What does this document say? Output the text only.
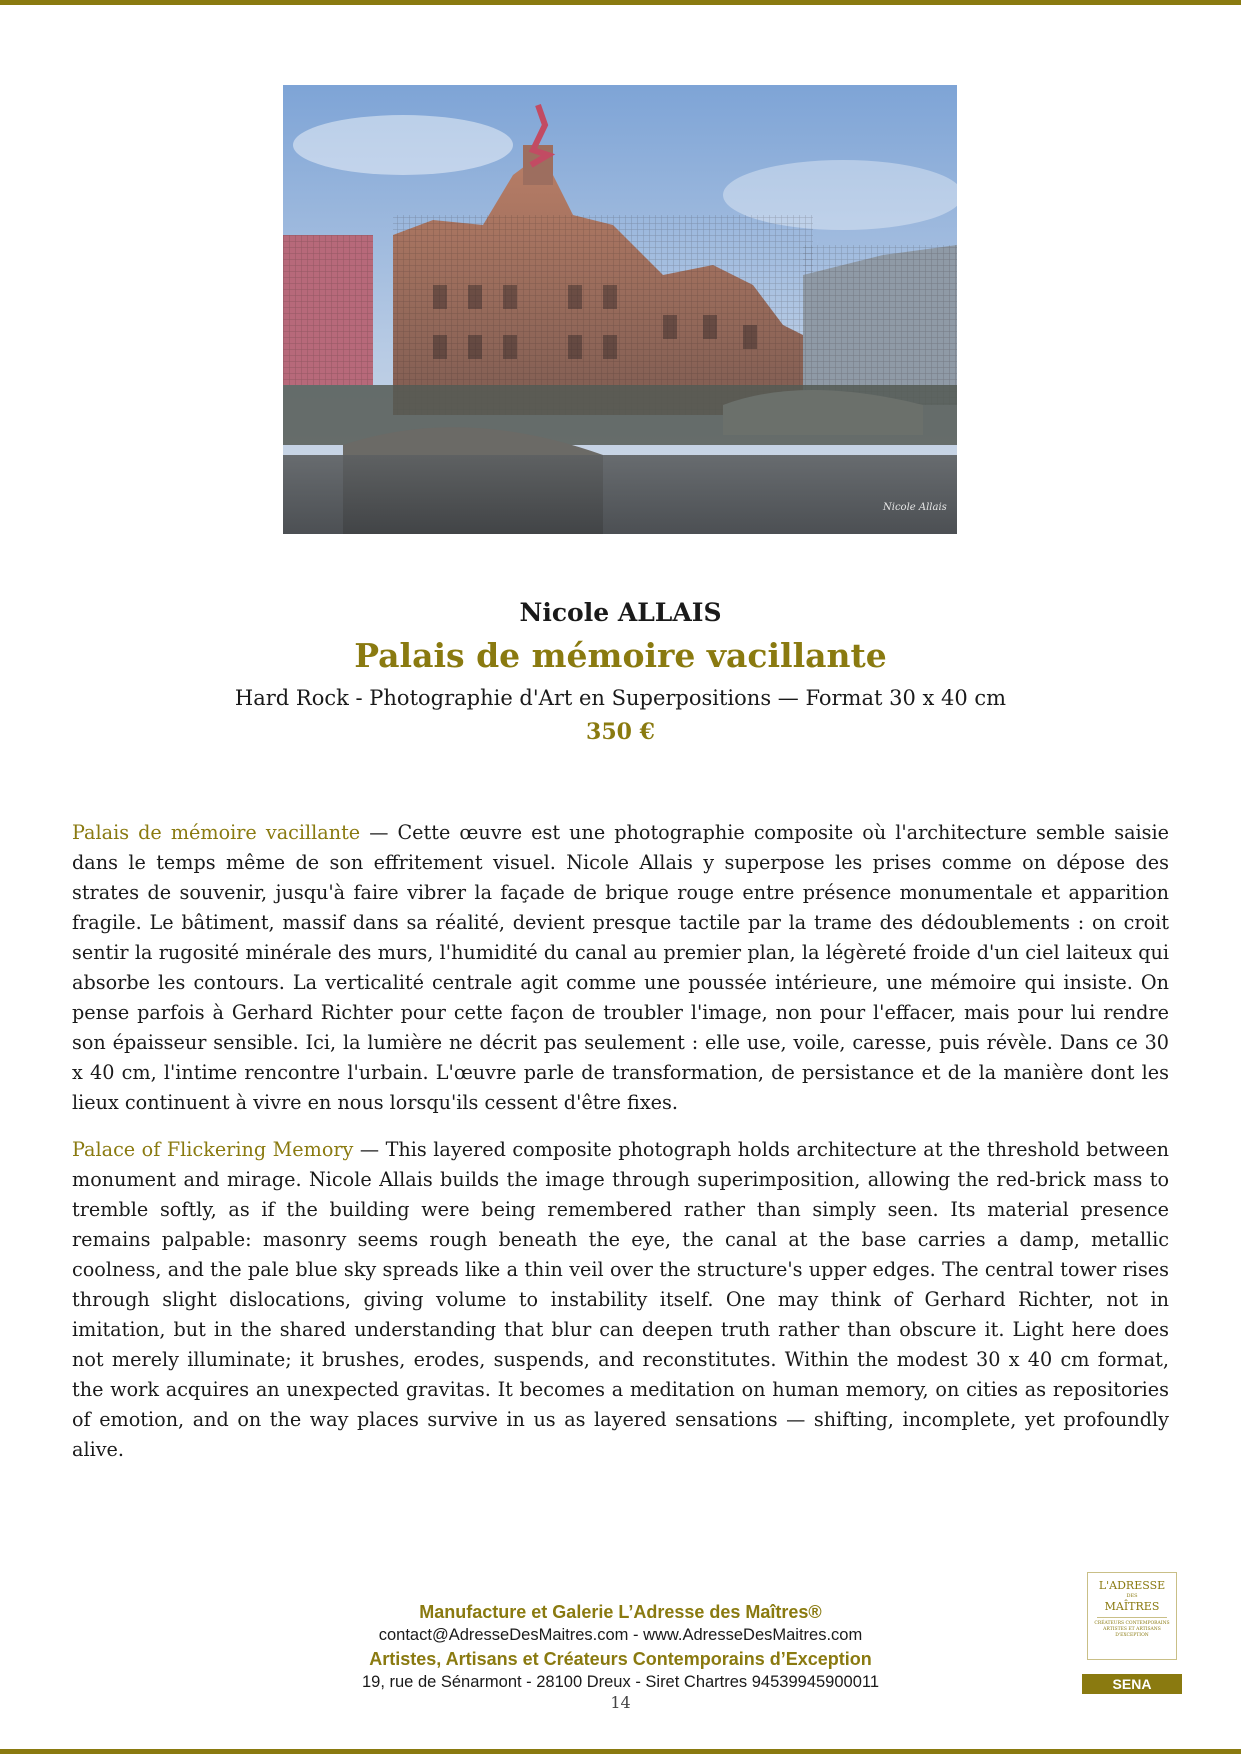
Nicole Allais
Nicole ALLAIS
Palais de mémoire vacillante
Hard Rock - Photographie d'Art en Superpositions — Format 30 x 40 cm
350 €

Palais de mémoire vacillante — Cette œuvre est une photographie composite où l'architecture semble saisie dans le temps même de son effritement visuel. Nicole Allais y superpose les prises comme on dépose des strates de souvenir, jusqu'à faire vibrer la façade de brique rouge entre présence monumentale et apparition fragile. Le bâtiment, massif dans sa réalité, devient presque tactile par la trame des dédoublements : on croit sentir la rugosité minérale des murs, l'humidité du canal au premier plan, la légèreté froide d'un ciel laiteux qui absorbe les contours. La verticalité centrale agit comme une poussée intérieure, une mémoire qui insiste. On pense parfois à Gerhard Richter pour cette façon de troubler l'image, non pour l'effacer, mais pour lui rendre son épaisseur sensible. Ici, la lumière ne décrit pas seulement : elle use, voile, caresse, puis révèle. Dans ce 30 x 40 cm, l'intime rencontre l'urbain. L'œuvre parle de transformation, de persistance et de la manière dont les lieux continuent à vivre en nous lorsqu'ils cessent d'être fixes.

Palace of Flickering Memory — This layered composite photograph holds architecture at the threshold between monument and mirage. Nicole Allais builds the image through superimposition, allowing the red-brick mass to tremble softly, as if the building were being remembered rather than simply seen. Its material presence remains palpable: masonry seems rough beneath the eye, the canal at the base carries a damp, metallic coolness, and the pale blue sky spreads like a thin veil over the structure's upper edges. The central tower rises through slight dislocations, giving volume to instability itself. One may think of Gerhard Richter, not in imitation, but in the shared understanding that blur can deepen truth rather than obscure it. Light here does not merely illuminate; it brushes, erodes, suspends, and reconstitutes. Within the modest 30 x 40 cm format, the work acquires an unexpected gravitas. It becomes a meditation on human memory, on cities as repositories of emotion, and on the way places survive in us as layered sensations — shifting, incomplete, yet profoundly alive.

Manufacture et Galerie L’Adresse des Maîtres®
contact@AdresseDesMaitres.com - www.AdresseDesMaitres.com
Artistes, Artisans et Créateurs Contemporains d’Exception
19, rue de Sénarmont - 28100 Dreux - Siret Chartres 94539945900011
14
L'ADRESSE
DES
MAÎTRES
CRÉATEURS CONTEMPORAINS ARTISTES ET ARTISANS D'EXCEPTION
SENA
